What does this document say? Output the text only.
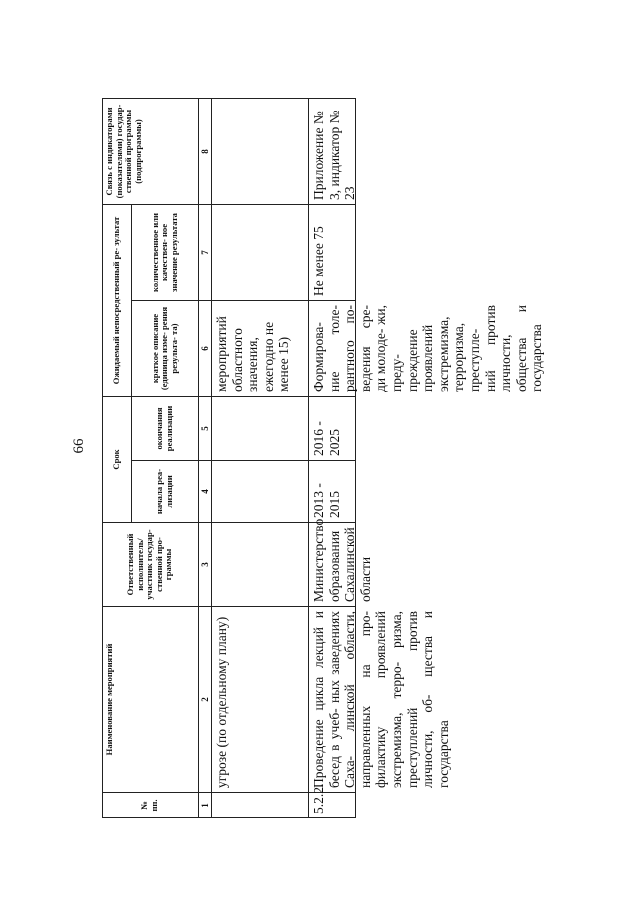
66
№ пп.
Наименование мероприятий
Ответственный исполнитель/ участник государ- ственной про- граммы
Срок
начала реа- лизации
окончания реализации
Ожидаемый непосредственный ре- зультат	краткое описание (единица изме- рения результа- та)
количественное или качествен- ное значение результата
Связь с индикаторами (показателями) государ- ственной программы (подпрограммы)
1
2
3
4
5
6
7
8
угрозе (по отдельному плану)
мероприятий областного значения, ежегодно не менее 15)
5.2.2.
Проведение цикла лекций и бесед в учеб- ных заведениях Саха- линской области, направленных на про- филактику проявлений экстремизма, терро- ризма, преступлений против личности, об- щества и государства
Министерство образования Сахалинской области
2013 - 2015
2016 - 2025
Формирова- ние толе- рантного по- ведения сре- ди молоде- жи, преду- преждение проявлений экстремизма, терроризма, преступле- ний против личности, общества и государства
Не менее 75
Приложение № 3, индикатор № 23
